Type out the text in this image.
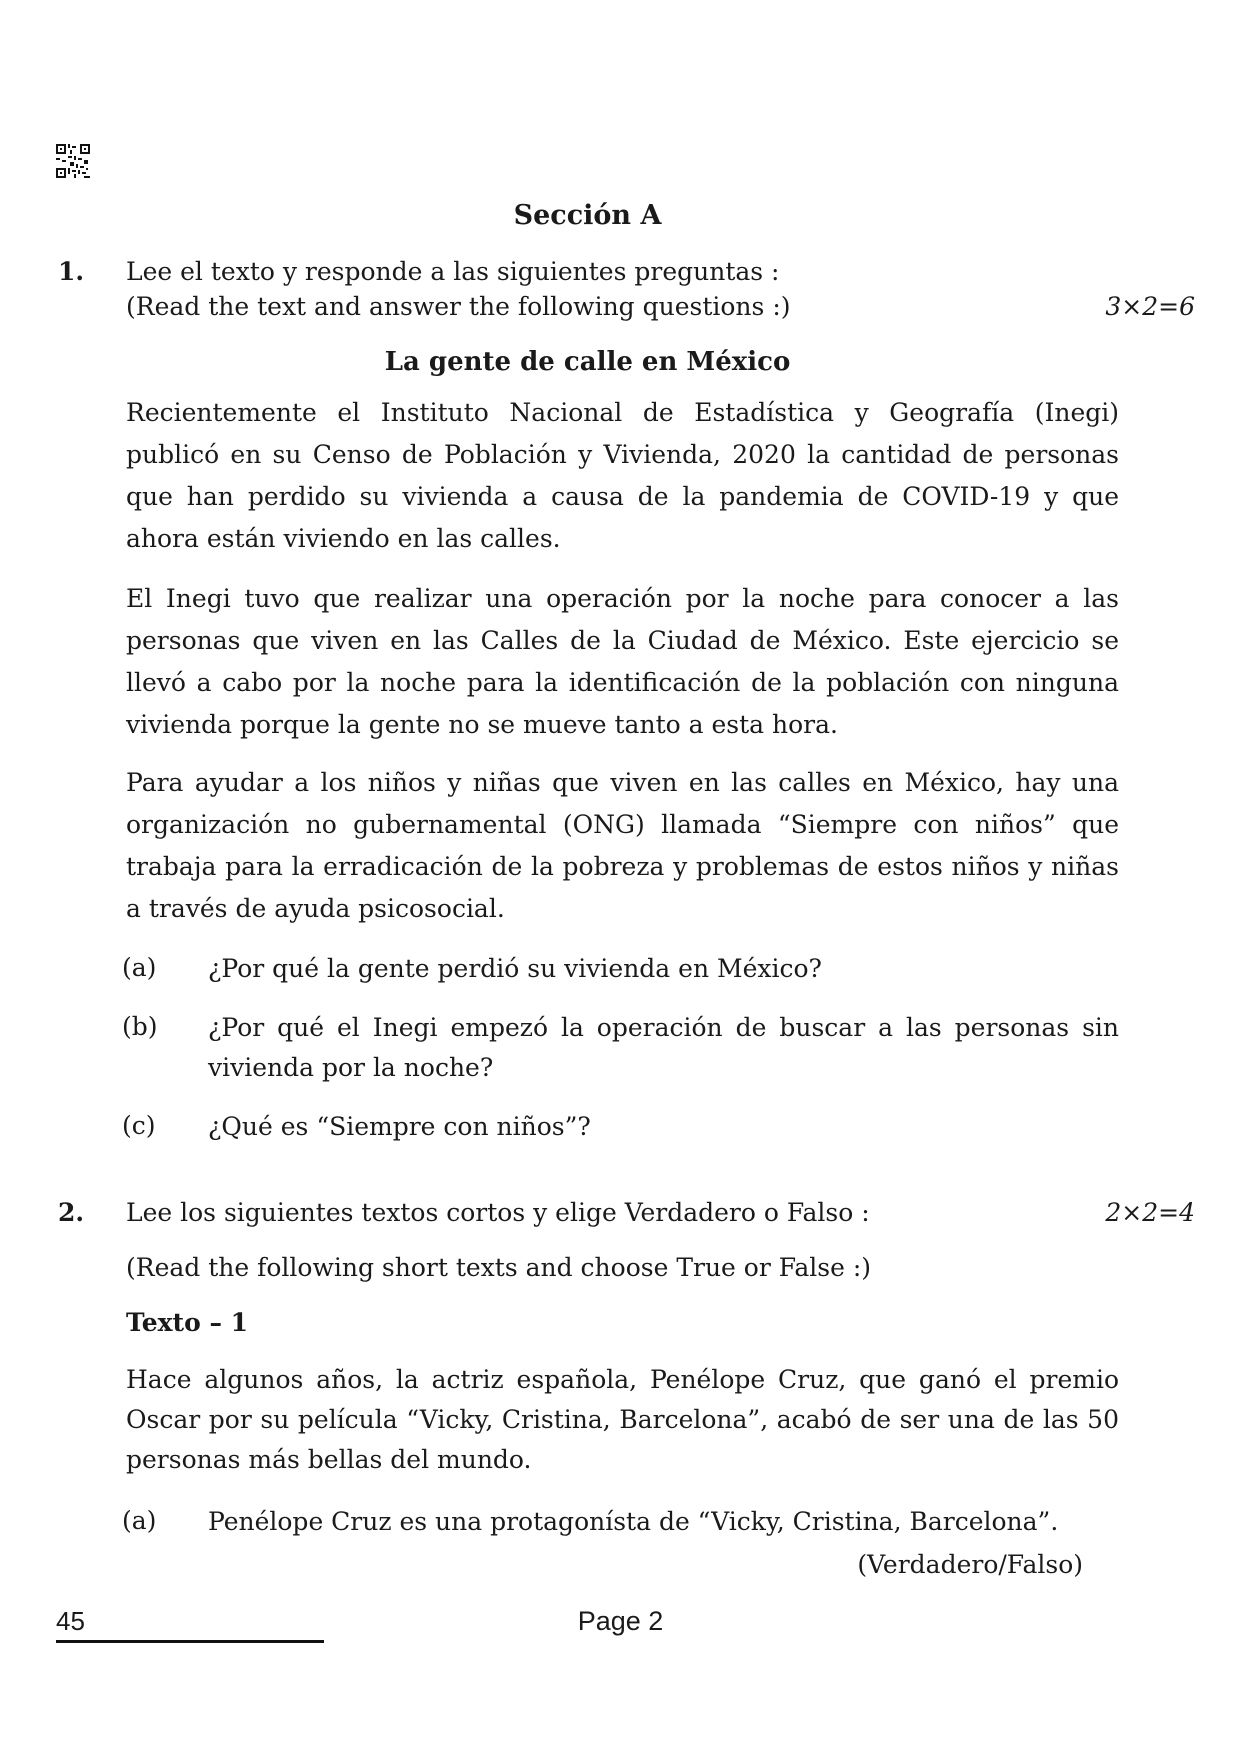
Sección A
1. Lee el texto y responde a las siguientes preguntas :
(Read the text and answer the following questions :)	3×2=6
La gente de calle en México
Recientemente el Instituto Nacional de Estadística y Geografía (Inegi) publicó en su Censo de Población y Vivienda, 2020 la cantidad de personas que han perdido su vivienda a causa de la pandemia de COVID-19 y que ahora están viviendo en las calles.
El Inegi tuvo que realizar una operación por la noche para conocer a las personas que viven en las Calles de la Ciudad de México. Este ejercicio se llevó a cabo por la noche para la identificación de la población con ninguna vivienda porque la gente no se mueve tanto a esta hora.
Para ayudar a los niños y niñas que viven en las calles en México, hay una organización no gubernamental (ONG) llamada “Siempre con niños” que trabaja para la erradicación de la pobreza y problemas de estos niños y niñas a través de ayuda psicosocial.
(a) ¿Por qué la gente perdió su vivienda en México?
(b) ¿Por qué el Inegi empezó la operación de buscar a las personas sin vivienda por la noche?
(c) ¿Qué es “Siempre con niños”?
2. Lee los siguientes textos cortos y elige Verdadero o Falso :	2×2=4
(Read the following short texts and choose True or False :)
Texto – 1
Hace algunos años, la actriz española, Penélope Cruz, que ganó el premio Oscar por su película “Vicky, Cristina, Barcelona”, acabó de ser una de las 50 personas más bellas del mundo.
(a) Penélope Cruz es una protagonísta de “Vicky, Cristina, Barcelona”.
(Verdadero/Falso)
45	Page 2
